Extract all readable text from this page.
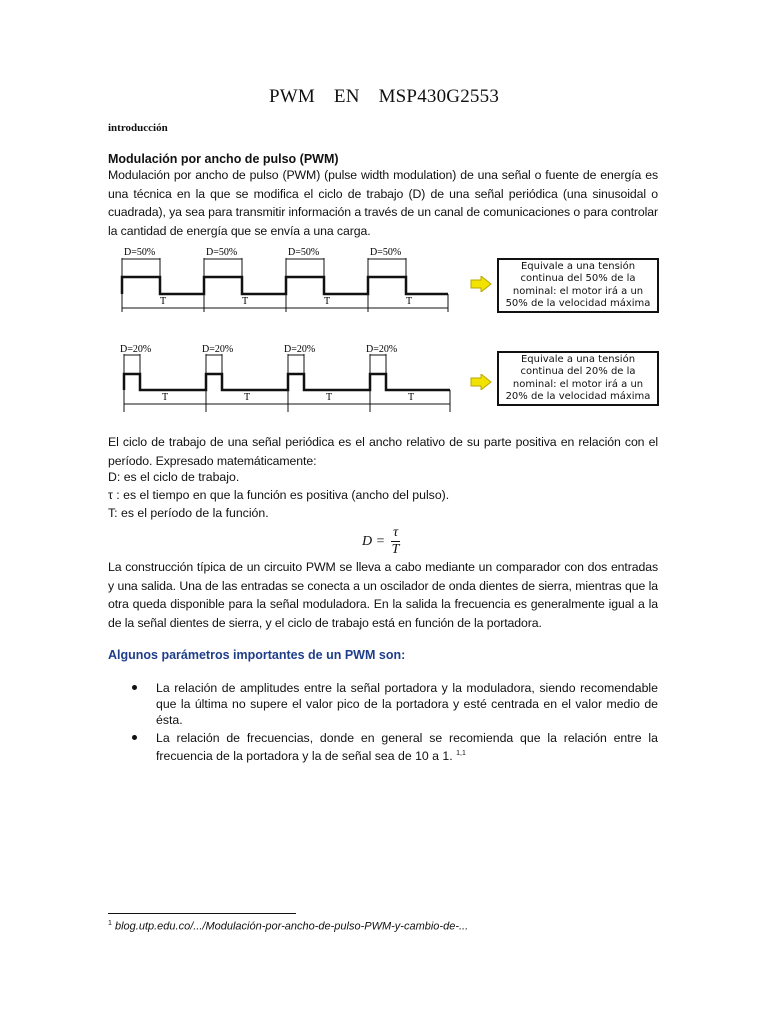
PWM EN MSP430G2553
introducción
Modulación por ancho de pulso (PWM)
Modulación por ancho de pulso (PWM) (pulse width modulation) de una señal o fuente de energía es una técnica en la que se modifica el ciclo de trabajo (D) de una señal periódica (una sinusoidal o cuadrada), ya sea para transmitir información a través de un canal de comunicaciones o para controlar la cantidad de energía que se envía a una carga.
D=50%	D=50%	D=50%	D=50%
T	T	T	T
Equivale a una tensión
continua del 50% de la
nominal: el motor irá a un
50% de la velocidad máxima
D=20%	D=20%	D=20%	D=20%
T	T	T	T
Equivale a una tensión
continua del 20% de la
nominal: el motor irá a un
20% de la velocidad máxima
El ciclo de trabajo de una señal periódica es el ancho relativo de su parte positiva en relación con el período. Expresado matemáticamente:
D: es el ciclo de trabajo.
τ : es el tiempo en que la función es positiva (ancho del pulso).
T: es el período de la función.
$D = \frac{\tau}{T}$
La construcción típica de un circuito PWM se lleva a cabo mediante un comparador con dos entradas y una salida. Una de las entradas se conecta a un oscilador de onda dientes de sierra, mientras que la otra queda disponible para la señal moduladora. En la salida la frecuencia es generalmente igual a la de la señal dientes de sierra, y el ciclo de trabajo está en función de la portadora.
Algunos parámetros importantes de un PWM son:
La relación de amplitudes entre la señal portadora y la moduladora, siendo recomendable que la última no supere el valor pico de la portadora y esté centrada en el valor medio de ésta.
La relación de frecuencias, donde en general se recomienda que la relación entre la frecuencia de la portadora y la de señal sea de 10 a 1. $^{1,1}$
$^1$ blog.utp.edu.co/.../Modulación-por-ancho-de-pulso-PWM-y-cambio-de-...
